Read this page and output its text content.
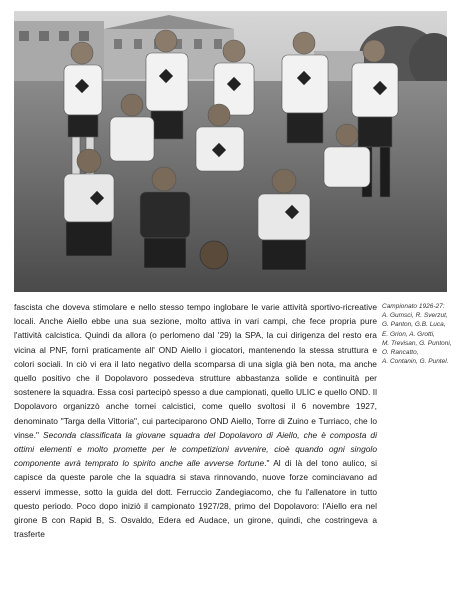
Campionato 1926-27:
A. Gumsci, R. Sverzut,
G. Panton, G.B. Luca,
E. Grion, A. Grotti,
M. Trevisan, G. Puntoni,
O. Rancatto,
A. Contanin, G. Puntel.

fascista che doveva stimolare e nello stesso tempo inglobare le varie attività sportivo-ricreative locali. Anche Aiello ebbe una sua sezione, molto attiva in vari campi, che fece propria pure l'attività calcistica. Quindi da allora (o perlomeno dal '29) la SPA, la cui dirigenza del resto era vicina al PNF, fornì praticamente all' OND Aiello i giocatori, mantenendo la stessa struttura e colori sociali. In ciò vi era il lato negativo della scomparsa di una sigla già ben nota, ma anche quello positivo che il Dopolavoro possedeva strutture abbastanza solide e continuità per sostenere la squadra. Essa così partecipò spesso a due campionati, quello ULIC e quello OND. Il Dopolavoro organizzò anche tornei calcistici, come quello svoltosi il 6 novembre 1927, denominato "Targa della Vittoria", cui parteciparono OND Aiello, Torre di Zuino e Turriaco, che lo vinse." Seconda classificata la giovane squadra del Dopolavoro di Aiello, che è composta di ottimi elementi e molto promette per le competizioni avvenire, cioè quando ogni singolo componente avrà temprato lo spirito anche alle avverse fortune." Al di là del tono aulico, si capisce da queste parole che la squadra si stava rinnovando, nuove forze cominciavano ad esservi immesse, sotto la guida del dott. Ferruccio Zandegiacomo, che fu l'allenatore in tutto questo periodo. Poco dopo iniziò il campionato 1927/28, primo del Dopolavoro: l'Aiello era nel girone B con Rapid B, S. Osvaldo, Edera ed Audace, un girone, quindi, che costringeva a trasferte
